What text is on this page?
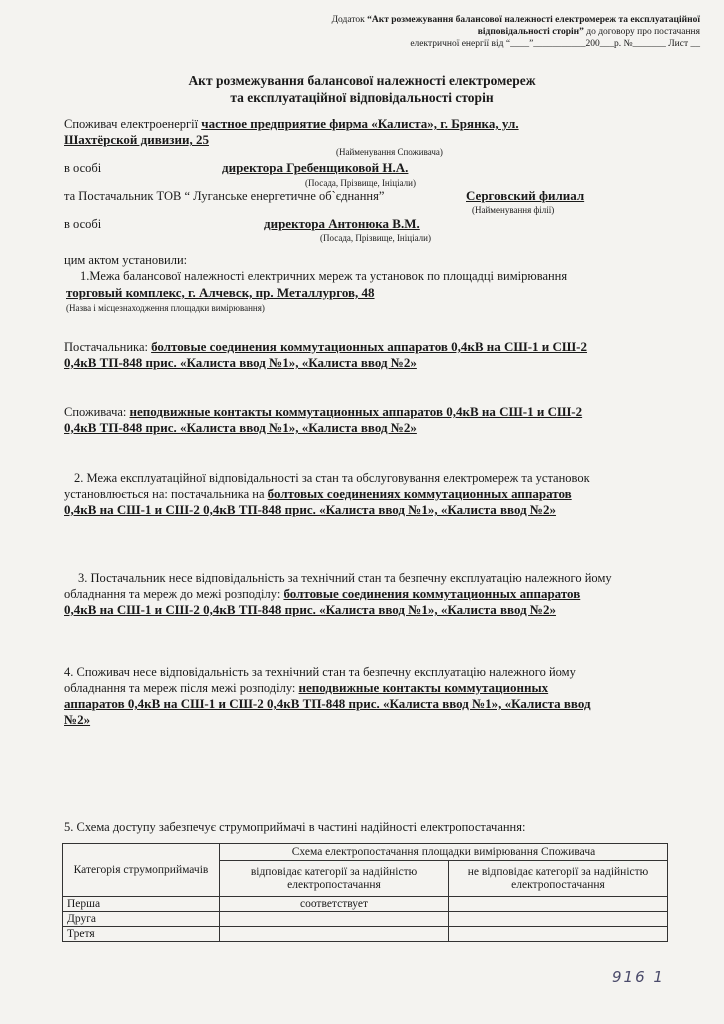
Додаток “Акт розмежування балансової належності електромереж та експлуатаційної відповідальності сторін” до договору про постачання
електричної енергії від “____”___________200___р. №_______ Лист __
Акт розмежування балансової належності електромереж
та експлуатаційної відповідальності сторін
Споживач електроенергії частное предприятие фирма «Калиста», г. Брянка, ул.
Шахтёрской дивизии, 25
(Найменування Споживача)
в особі	директора Гребенщиковой Н.А.
(Посада, Прізвище, Ініціали)
та Постачальник ТОВ “ Луганське енергетичне об`єднання”	Серговский филиал
(Найменування філії)
в особі	директора Антонюка В.М.
(Посада, Прізвище, Ініціали)
цим актом установили:
1.Межа балансової належності електричних мереж та установок по площадці вимірювання
торговый комплекс, г. Алчевск, пр. Металлургов, 48
(Назва і місцезнаходження площадки вимірювання)
Постачальника: болтовые соединения коммутационных аппаратов 0,4кВ на СШ-1 и СШ-2
0,4кВ ТП-848 прис. «Калиста ввод №1», «Калиста ввод №2»
Споживача: неподвижные контакты коммутационных аппаратов 0,4кВ на СШ-1 и СШ-2
0,4кВ ТП-848 прис. «Калиста ввод №1», «Калиста ввод №2»
2. Межа експлуатаційної відповідальності за стан та обслуговування електромереж та установок
установлюється на: постачальника на болтовых соединениях коммутационных аппаратов
0,4кВ на СШ-1 и СШ-2 0,4кВ ТП-848 прис. «Калиста ввод №1», «Калиста ввод №2»
3. Постачальник несе відповідальність за технічний стан та безпечну експлуатацію належного йому
обладнання та мереж до межі розподілу: болтовые соединения коммутационных аппаратов
0,4кВ на СШ-1 и СШ-2 0,4кВ ТП-848 прис. «Калиста ввод №1», «Калиста ввод №2»
4. Споживач несе відповідальність за технічний стан та безпечну експлуатацію належного йому
обладнання та мереж після межі розподілу: неподвижные контакты коммутационных
аппаратов 0,4кВ на СШ-1 и СШ-2 0,4кВ ТП-848 прис. «Калиста ввод №1», «Калиста ввод
№2»
5. Схема доступу забезпечує струмоприймачі в частині надійності електропостачання:
Категорія струмоприймачів	Схема електропостачання площадки вимірювання Споживача	
	відповідає категорії за надійністю електропостачання	не відповідає категорії за надійністю електропостачання
Перша	соответствует	
Друга		
Третя		
916 1
